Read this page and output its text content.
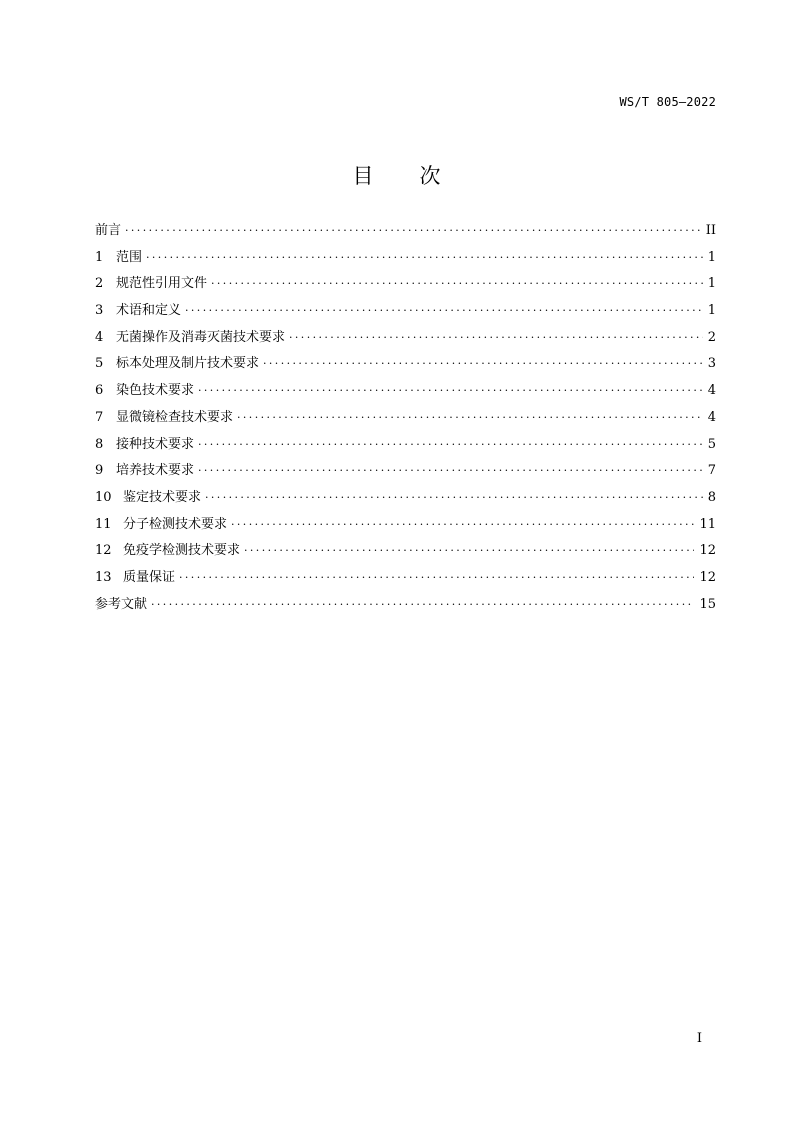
WS/T 805—2022
目 次
前言 ·····	II
1 范围 ·····	1
2 规范性引用文件 ·····	1
3 术语和定义 ·····	1
4 无菌操作及消毒灭菌技术要求 ·····	2
5 标本处理及制片技术要求 ·····	3
6 染色技术要求 ·····	4
7 显微镜检查技术要求 ·····	4
8 接种技术要求 ·····	5
9 培养技术要求 ·····	7
10 鉴定技术要求 ·····	8
11 分子检测技术要求 ·····	11
12 免疫学检测技术要求 ·····	12
13 质量保证 ·····	12
参考文献 ·····	15
I
